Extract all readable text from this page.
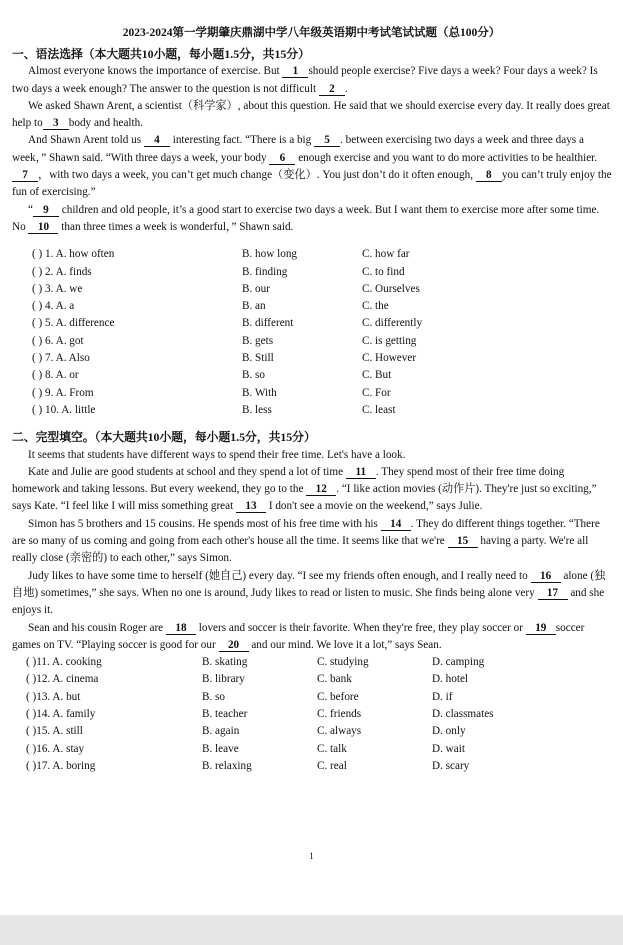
2023-2024第一学期肇庆鼎湖中学八年级英语期中考试笔试试题（总100分）
一、语法选择（本大题共10小题，每小题1.5分，共15分）

Almost everyone knows the importance of exercise. But 1 should people exercise? Five days a week? Four days a week? Is two days a week enough? The answer to the question is not difficult 2 .

We asked Shawn Arent, a scientist（科学家）, about this question. He said that we should exercise every day. It really does great help to 3 body and health.

And Shawn Arent told us 4 interesting fact. “There is a big 5 . between exercising two days a week and three days a week，” Shawn said. “With three days a week, your body 6 enough exercise and you want to do more activities to be healthier. 7 ，with two days a week, you can’t get much change（变化）. You just don’t do it often enough, 8 you can’t truly enjoy the fun of exercising.”

“ 9 children and old people, it’s a good start to exercise two days a week. But I want them to exercise more after some time. No 10 than three times a week is wonderful，” Shawn said.

( ) 1. A. how often	B. how long	C. how far
( ) 2. A. finds	B. finding	C. to find
( ) 3. A. we	B. our	C. Ourselves
( ) 4. A. a	B. an	C. the
( ) 5. A. difference	B. different	C. differently
( ) 6. A. got	B. gets	C. is getting
( ) 7. A. Also	B. Still	C. However
( ) 8. A. or	B. so	C. But
( ) 9. A. From	B. With	C. For
( ) 10. A. little	B. less	C. least
二、完型填空。（本大题共10小题，每小题1.5分，共15分）

It seems that students have different ways to spend their free time. Let's have a look.

Kate and Julie are good students at school and they spend a lot of time 11 . They spend most of their free time doing homework and taking lessons. But every weekend, they go to the 12 . “I like action movies (动作片). They're just so exciting,” says Kate. “I feel like I will miss something great 13 I don't see a movie on the weekend,” says Julie.

Simon has 5 brothers and 15 cousins. He spends most of his free time with his 14 . They do different things together. “There are so many of us coming and going from each other's house all the time. It seems like that we're 15 having a party. We're all really close (亲密的) to each other,” says Simon.

Judy likes to have some time to herself (她自己) every day. “I see my friends often enough, and I really need to 16 alone (独自地) sometimes,” she says. When no one is around, Judy likes to read or listen to music. She finds being alone very 17 and she enjoys it.

Sean and his cousin Roger are 18 lovers and soccer is their favorite. When they're free, they play soccer or 19 soccer games on TV. “Playing soccer is good for our 20 and our mind. We love it a lot,” says Sean.

( )11. A. cooking	B. skating	C. studying	D. camping
( )12. A. cinema	B. library	C. bank	D. hotel
( )13. A. but	B. so	C. before	D. if
( )14. A. family	B. teacher	C. friends	D. classmates
( )15. A. still	B. again	C. always	D. only
( )16. A. stay	B. leave	C. talk	D. wait
( )17. A. boring	B. relaxing	C. real	D. scary
1
